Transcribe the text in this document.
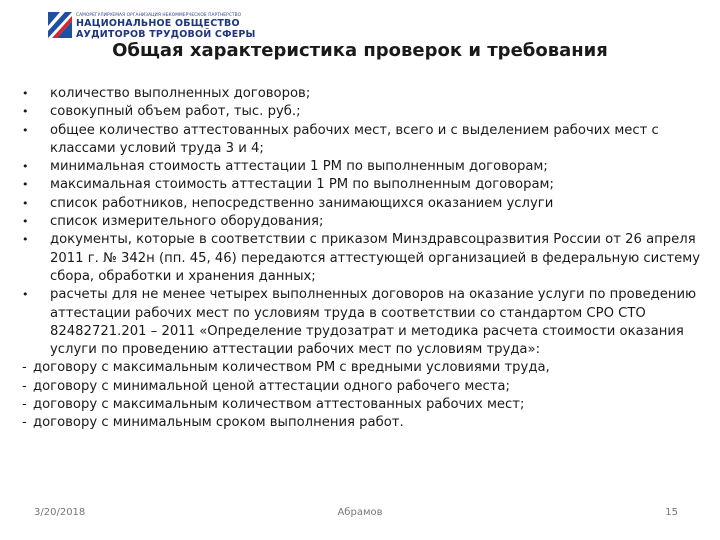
САМОРЕГУЛИРУЕМАЯ ОРГАНИЗАЦИЯ НЕКОММЕРЧЕСКОЕ ПАРТНЕРСТВО
НАЦИОНАЛЬНОЕ ОБЩЕСТВО
АУДИТОРОВ ТРУДОВОЙ СФЕРЫ
Общая характеристика проверок и требования
•	количество выполненных договоров;
•	совокупный объем работ, тыс. руб.;
•	общее количество аттестованных рабочих мест, всего и с выделением рабочих мест с классами условий труда 3 и 4;
•	минимальная стоимость аттестации 1 РМ по выполненным договорам;
•	максимальная стоимость аттестации 1 РМ по выполненным договорам;
•	список работников, непосредственно занимающихся оказанием услуги
•	список измерительного оборудования;
•	документы, которые в соответствии с приказом Минздравсоцразвития России от 26 апреля 2011 г. № 342н (пп. 45, 46) передаются аттестующей организацией в федеральную систему сбора, обработки и хранения данных;
•	расчеты для не менее четырех выполненных договоров на оказание услуги по проведению аттестации рабочих мест по условиям труда в соответствии со стандартом СРО СТО 82482721.201 – 2011 «Определение трудозатрат и методика расчета стоимости оказания услуги по проведению аттестации рабочих мест по условиям труда»:

- договору с максимальным количеством РМ с вредными условиями труда,

- договору с минимальной ценой аттестации одного рабочего места;

- договору с максимальным количеством аттестованных рабочих мест;

- договору с минимальным сроком выполнения работ.

3/20/2018	Абрамов	15
